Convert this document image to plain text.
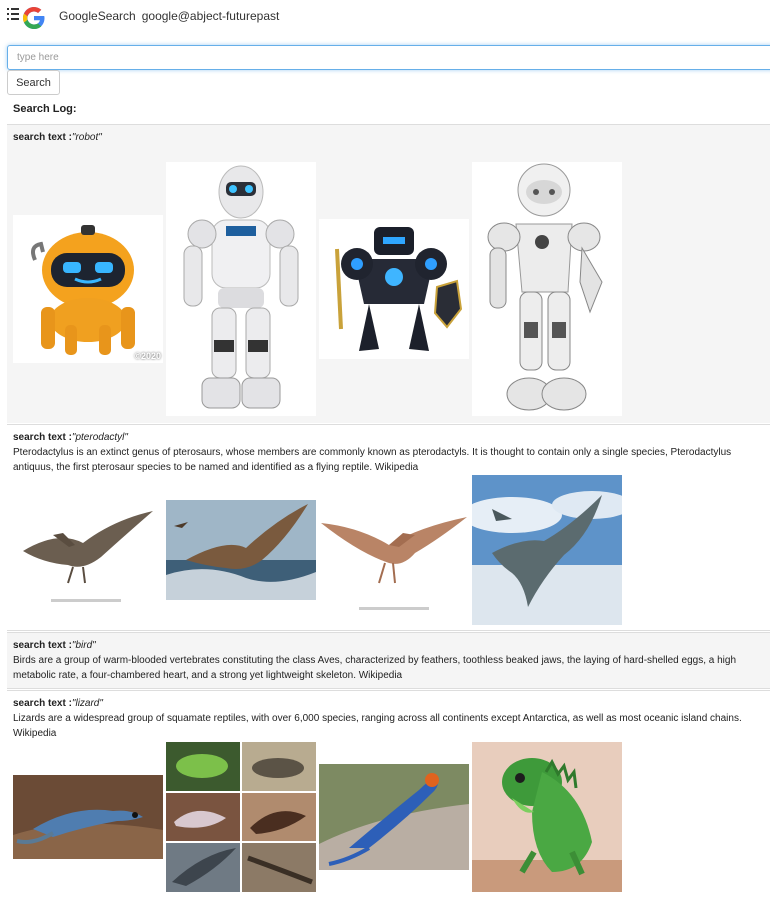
GoogleSearch google@abject-futurepast
type here
Search
Search Log:
search text :"robot"
©2020
search text :"pterodactyl"
Pterodactylus is an extinct genus of pterosaurs, whose members are commonly known as pterodactyls. It is thought to contain only a single species, Pterodactylus antiquus, the first pterosaur species to be named and identified as a flying reptile. Wikipedia
search text :"bird"
Birds are a group of warm-blooded vertebrates constituting the class Aves, characterized by feathers, toothless beaked jaws, the laying of hard-shelled eggs, a high metabolic rate, a four-chambered heart, and a strong yet lightweight skeleton. Wikipedia
search text :"lizard"
Lizards are a widespread group of squamate reptiles, with over 6,000 species, ranging across all continents except Antarctica, as well as most oceanic island chains. Wikipedia
